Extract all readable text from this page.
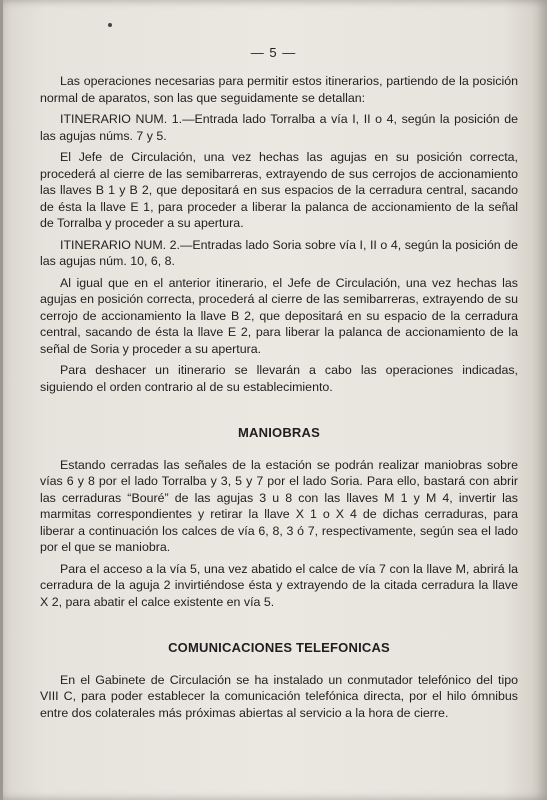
— 5 —

Las operaciones necesarias para permitir estos itinerarios, partiendo de la posición normal de aparatos, son las que seguidamente se detallan:

ITINERARIO NUM. 1.—Entrada lado Torralba a vía I, II o 4, según la posición de las agujas núms. 7 y 5.

El Jefe de Circulación, una vez hechas las agujas en su posición correcta, procederá al cierre de las semibarreras, extrayendo de sus cerrojos de accionamiento las llaves B 1 y B 2, que depositará en sus espacios de la cerradura central, sacando de ésta la llave E 1, para proceder a liberar la palanca de accionamiento de la señal de Torralba y proceder a su apertura.

ITINERARIO NUM. 2.—Entradas lado Soria sobre vía I, II o 4, según la posición de las agujas núm. 10, 6, 8.

Al igual que en el anterior itinerario, el Jefe de Circulación, una vez hechas las agujas en posición correcta, procederá al cierre de las semibarreras, extrayendo de su cerrojo de accionamiento la llave B 2, que depositará en su espacio de la cerradura central, sacando de ésta la llave E 2, para liberar la palanca de accionamiento de la señal de Soria y proceder a su apertura.

Para deshacer un itinerario se llevarán a cabo las operaciones indicadas, siguiendo el orden contrario al de su establecimiento.

MANIOBRAS

Estando cerradas las señales de la estación se podrán realizar maniobras sobre vías 6 y 8 por el lado Torralba y 3, 5 y 7 por el lado Soria. Para ello, bastará con abrir las cerraduras “Bouré” de las agujas 3 u 8 con las llaves M 1 y M 4, invertir las marmitas correspondientes y retirar la llave X 1 o X 4 de dichas cerraduras, para liberar a continuación los calces de vía 6, 8, 3 ó 7, respectivamente, según sea el lado por el que se maniobra.

Para el acceso a la vía 5, una vez abatido el calce de vía 7 con la llave M, abrirá la cerradura de la aguja 2 invirtiéndose ésta y extrayendo de la citada cerradura la llave X 2, para abatir el calce existente en vía 5.

COMUNICACIONES TELEFONICAS

En el Gabinete de Circulación se ha instalado un conmutador telefónico del tipo VIII C, para poder establecer la comunicación telefónica directa, por el hilo ómnibus entre dos colaterales más próximas abiertas al servicio a la hora de cierre.
